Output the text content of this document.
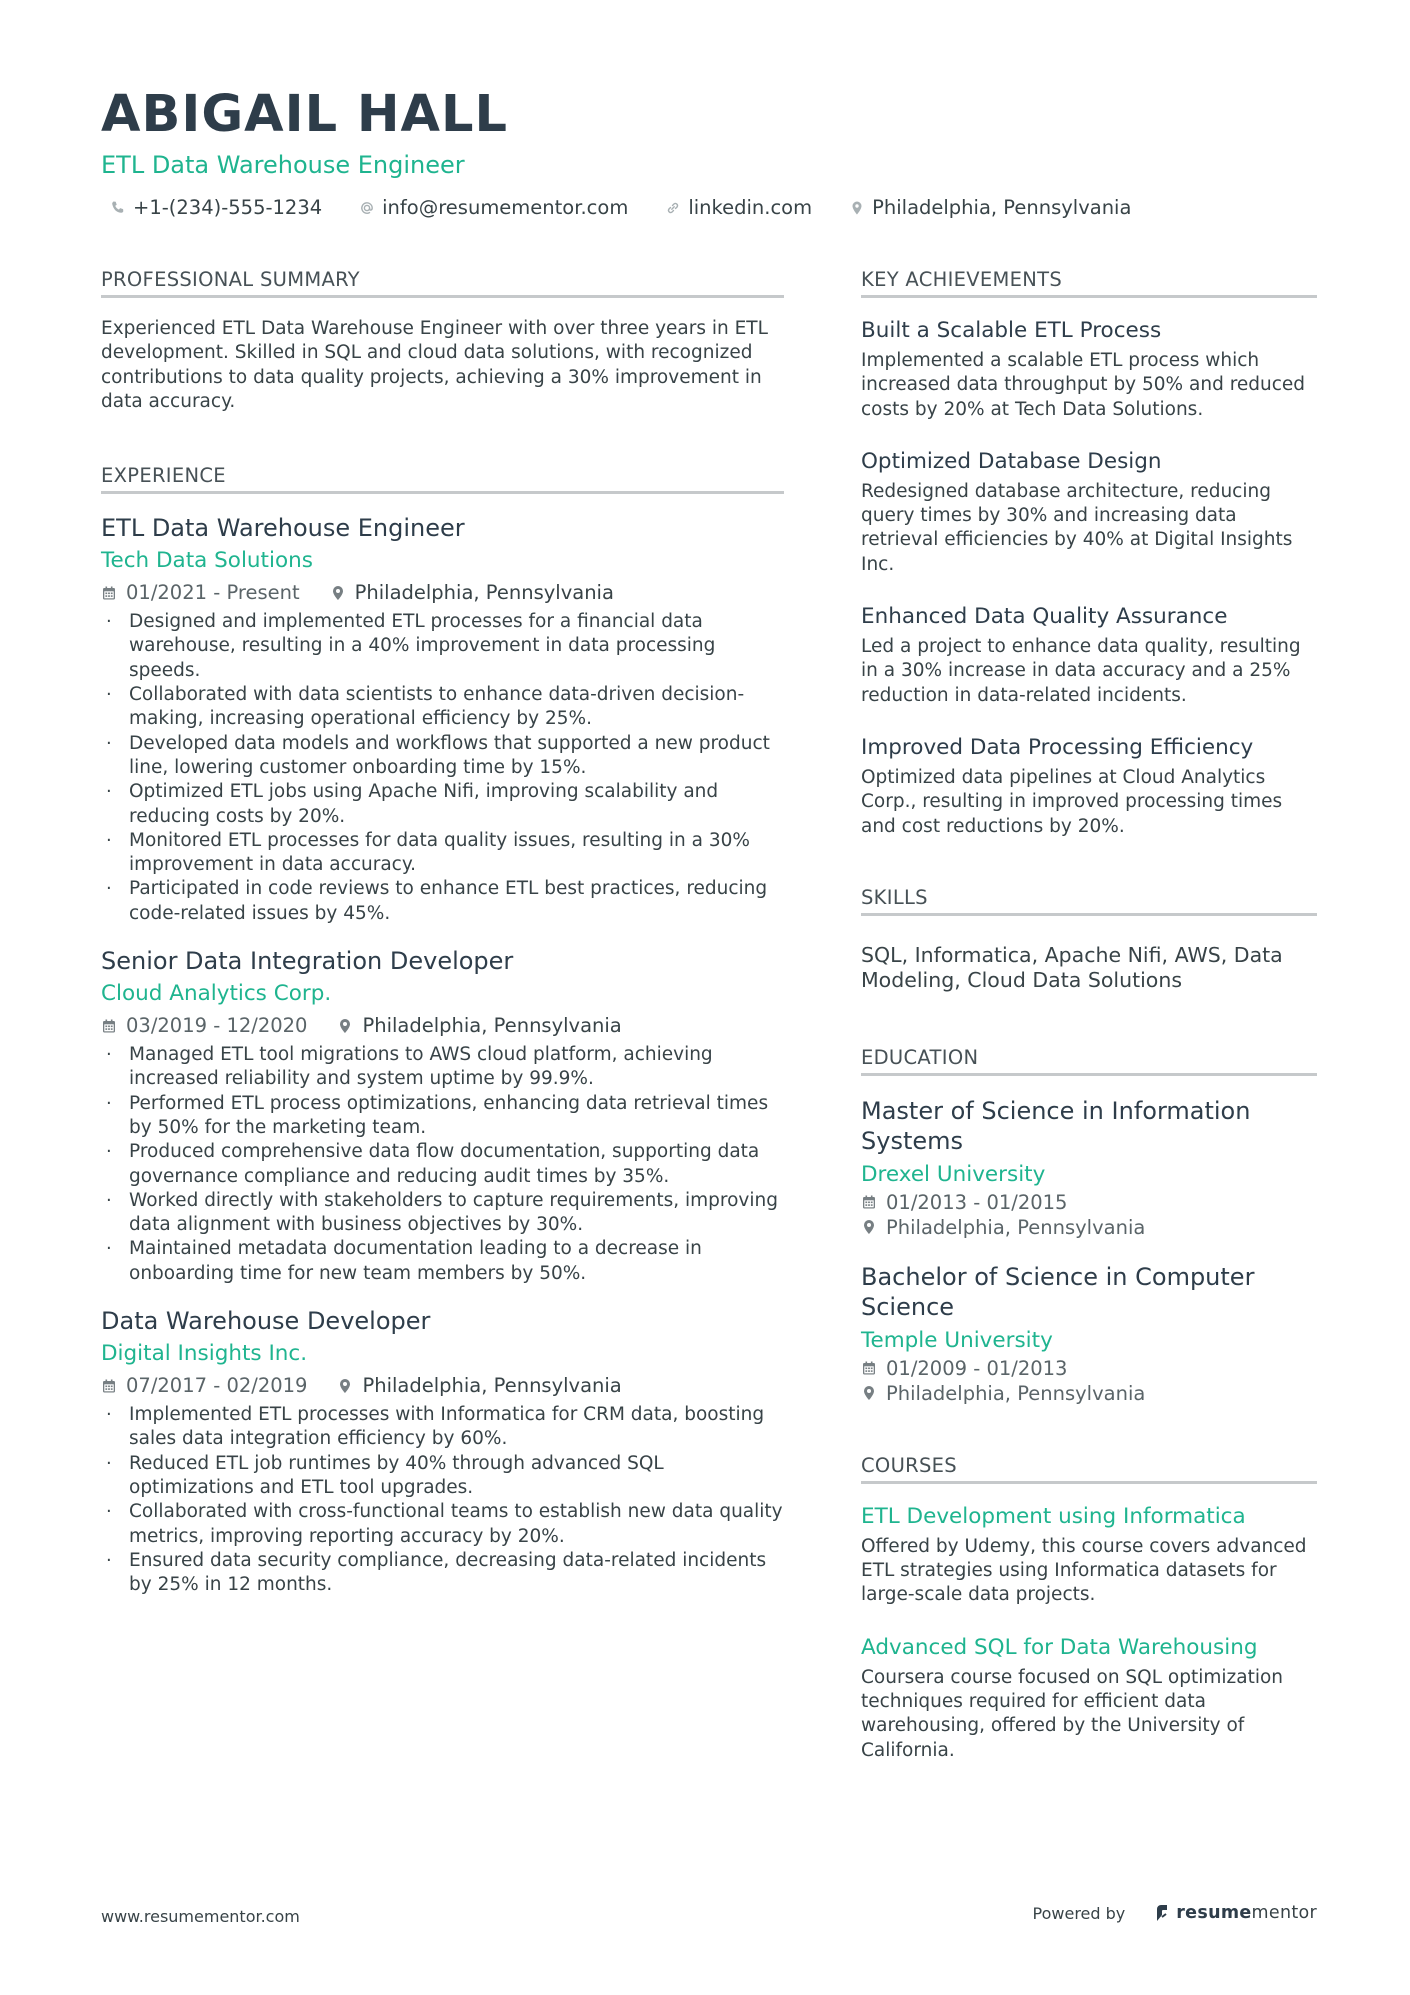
ABIGAIL HALL
ETL Data Warehouse Engineer
+1-(234)-555-1234	info@resumementor.com	linkedin.com	Philadelphia, Pennsylvania
PROFESSIONAL SUMMARY
Experienced ETL Data Warehouse Engineer with over three years in ETL development. Skilled in SQL and cloud data solutions, with recognized contributions to data quality projects, achieving a 30% improvement in data accuracy.
EXPERIENCE
ETL Data Warehouse Engineer
Tech Data Solutions
01/2021 - Present	Philadelphia, Pennsylvania
· Designed and implemented ETL processes for a financial data warehouse, resulting in a 40% improvement in data processing speeds.
· Collaborated with data scientists to enhance data-driven decision-making, increasing operational efficiency by 25%.
· Developed data models and workflows that supported a new product line, lowering customer onboarding time by 15%.
· Optimized ETL jobs using Apache Nifi, improving scalability and reducing costs by 20%.
· Monitored ETL processes for data quality issues, resulting in a 30% improvement in data accuracy.
· Participated in code reviews to enhance ETL best practices, reducing code-related issues by 45%.
Senior Data Integration Developer
Cloud Analytics Corp.
03/2019 - 12/2020	Philadelphia, Pennsylvania
· Managed ETL tool migrations to AWS cloud platform, achieving increased reliability and system uptime by 99.9%.
· Performed ETL process optimizations, enhancing data retrieval times by 50% for the marketing team.
· Produced comprehensive data flow documentation, supporting data governance compliance and reducing audit times by 35%.
· Worked directly with stakeholders to capture requirements, improving data alignment with business objectives by 30%.
· Maintained metadata documentation leading to a decrease in onboarding time for new team members by 50%.
Data Warehouse Developer
Digital Insights Inc.
07/2017 - 02/2019	Philadelphia, Pennsylvania
· Implemented ETL processes with Informatica for CRM data, boosting sales data integration efficiency by 60%.
· Reduced ETL job runtimes by 40% through advanced SQL optimizations and ETL tool upgrades.
· Collaborated with cross-functional teams to establish new data quality metrics, improving reporting accuracy by 20%.
· Ensured data security compliance, decreasing data-related incidents by 25% in 12 months.
KEY ACHIEVEMENTS
Built a Scalable ETL Process
Implemented a scalable ETL process which increased data throughput by 50% and reduced costs by 20% at Tech Data Solutions.
Optimized Database Design
Redesigned database architecture, reducing query times by 30% and increasing data retrieval efficiencies by 40% at Digital Insights Inc.
Enhanced Data Quality Assurance
Led a project to enhance data quality, resulting in a 30% increase in data accuracy and a 25% reduction in data-related incidents.
Improved Data Processing Efficiency
Optimized data pipelines at Cloud Analytics Corp., resulting in improved processing times and cost reductions by 20%.
SKILLS
SQL, Informatica, Apache Nifi, AWS, Data Modeling, Cloud Data Solutions
EDUCATION
Master of Science in Information Systems
Drexel University
01/2013 - 01/2015
Philadelphia, Pennsylvania
Bachelor of Science in Computer Science
Temple University
01/2009 - 01/2013
Philadelphia, Pennsylvania
COURSES
ETL Development using Informatica
Offered by Udemy, this course covers advanced ETL strategies using Informatica datasets for large-scale data projects.
Advanced SQL for Data Warehousing
Coursera course focused on SQL optimization techniques required for efficient data warehousing, offered by the University of California.
www.resumementor.com	Powered by	resume mentor
